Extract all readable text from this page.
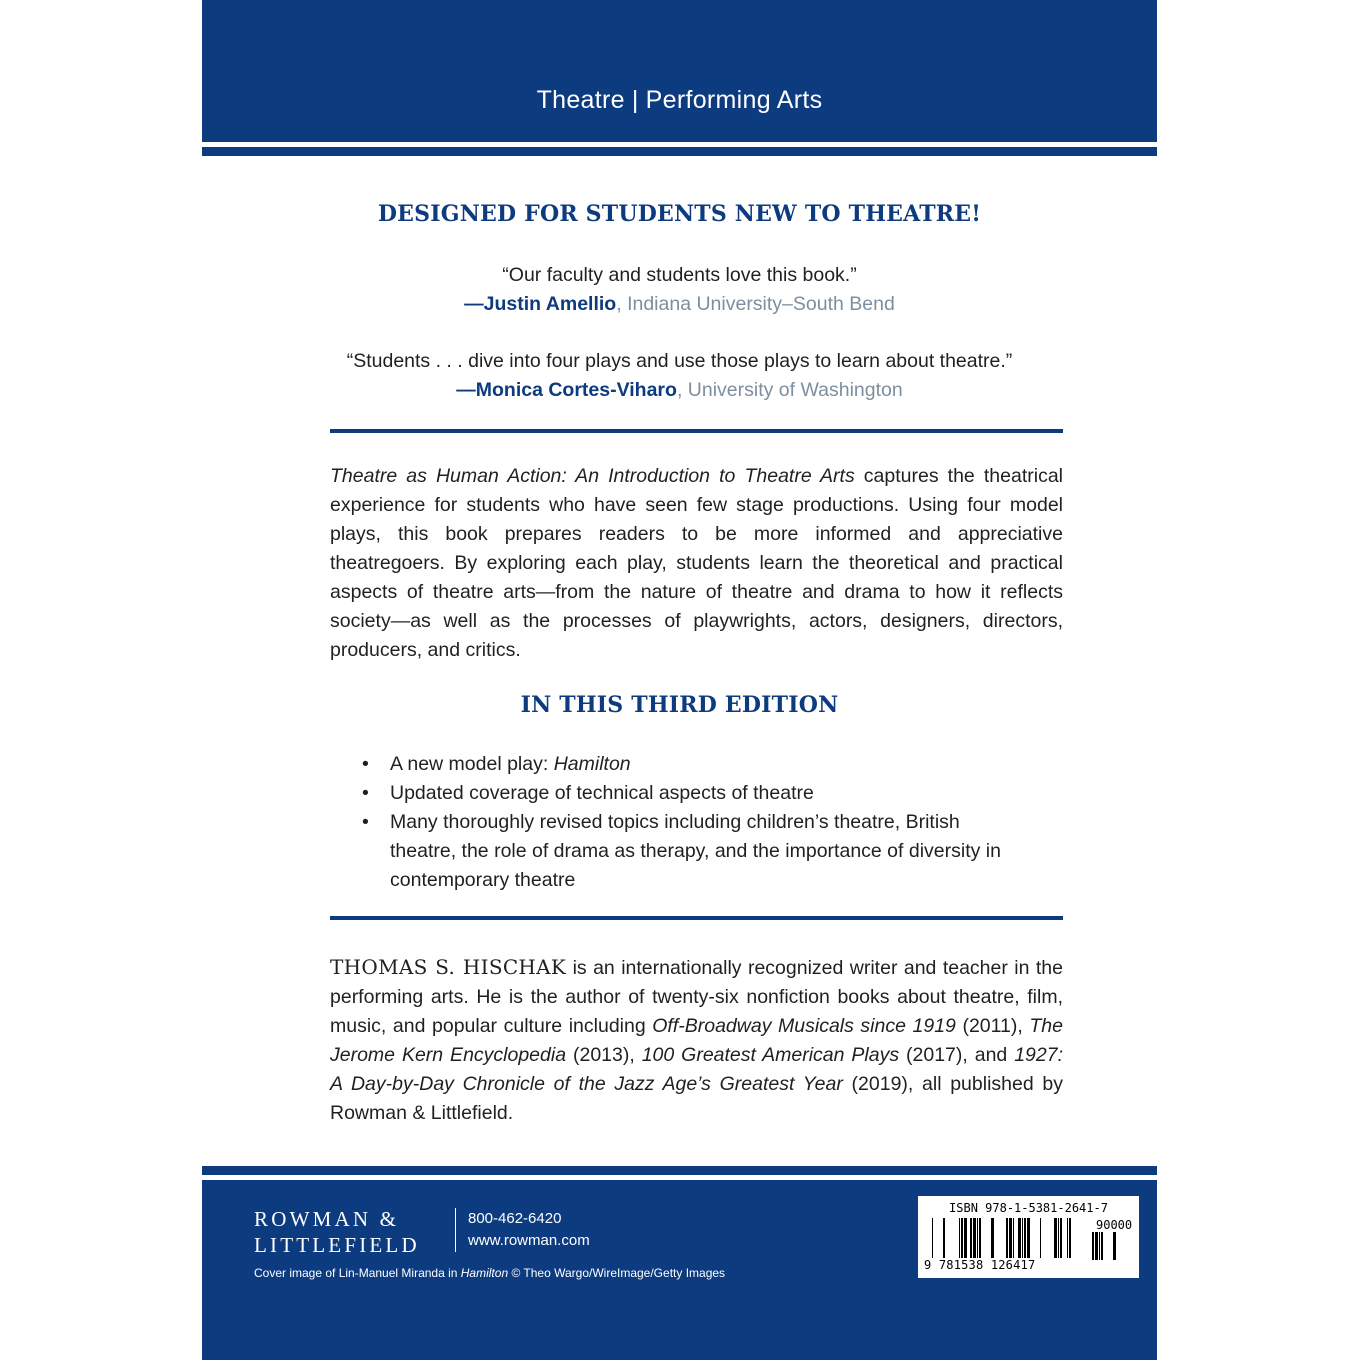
Theatre | Performing Arts
DESIGNED FOR STUDENTS NEW TO THEATRE!
“Our faculty and students love this book.”
—Justin Amellio, Indiana University–South Bend
“Students . . . dive into four plays and use those plays to learn about theatre.”
—Monica Cortes-Viharo, University of Washington
Theatre as Human Action: An Introduction to Theatre Arts captures the theatrical experience for students who have seen few stage productions. Using four model plays, this book prepares readers to be more informed and appreciative theatregoers. By exploring each play, students learn the theoretical and practical aspects of theatre arts—from the nature of theatre and drama to how it reflects society—as well as the processes of playwrights, actors, designers, directors, producers, and critics.
IN THIS THIRD EDITION
• A new model play: Hamilton
• Updated coverage of technical aspects of theatre
• Many thoroughly revised topics including children’s theatre, British theatre, the role of drama as therapy, and the importance of diversity in contemporary theatre
THOMAS S. HISCHAK is an internationally recognized writer and teacher in the performing arts. He is the author of twenty-six nonfiction books about theatre, film, music, and popular culture including Off-Broadway Musicals since 1919 (2011), The Jerome Kern Encyclopedia (2013), 100 Greatest American Plays (2017), and 1927: A Day-by-Day Chronicle of the Jazz Age’s Greatest Year (2019), all published by Rowman & Littlefield.
ROWMAN &
LITTLEFIELD
800-462-6420
www.rowman.com
Cover image of Lin-Manuel Miranda in Hamilton © Theo Wargo/WireImage/Getty Images
ISBN 978-1-5381-2641-7
90000
9 781538 126417
